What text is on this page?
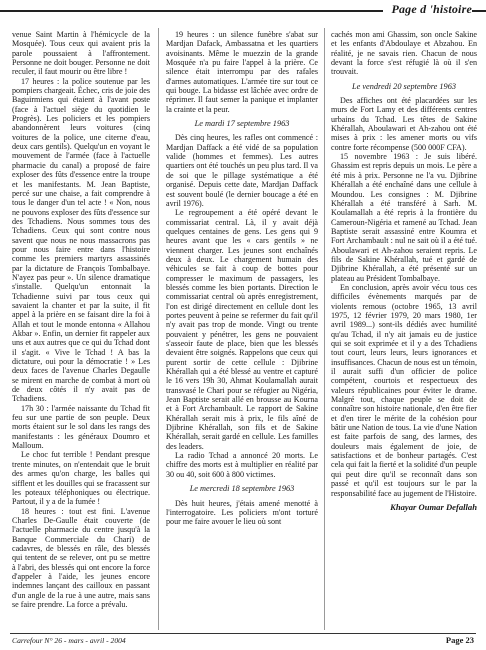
Page d 'histoire

venue Saint Martin à l'hémicycle de la Mosquée). Tous ceux qui avaient pris la parole poussaient à l'affrontement. Personne ne doit bouger. Personne ne doit reculer, il faut mourir ou être libre !

17 heures : la police soutenue par les pompiers chargeait. Échec, cris de joie des Baguirmiens qui étaient à l'avant poste (face à l'actuel siège du quotidien le Progrès). Les policiers et les pompiers abandonnèrent leurs voitures (cinq voitures de la police, une citerne d'eau, deux cars gentils). Quelqu'un en voyant le mouvement de l'armée (face à l'actuelle pharmacie du canal) a proposé de faire exploser des fûts d'essence entre la troupe et les manifestants. M. Jean Baptiste, percé sur une chaise, a fait comprendre à tous le danger d'un tel acte ! « Non, nous ne pouvons exploser des fûts d'essence sur des Tchadiens. Nous sommes tous des Tchadiens. Ceux qui sont contre nous savent que nous ne nous massacrons pas pour nous faire entre dans l'histoire comme les premiers martyrs assassinés par la dictature de François Tombalbaye. N'ayez pas peur ». Un silence dramatique s'installe. Quelqu'un entonnait la Tchadienne suivi par tous ceux qui savaient la chanter et par la suite, il fit appel à la prière en se faisant dire la foi à Allah et tout le monde entonna « Allahou Akbar ». Enfin, un dernier fit rappeler aux uns et aux autres que ce qui du Tchad dont il s'agit. « Vive le Tchad ! A bas la dictature, oui pour la démocratie ! » Les deux faces de l'avenue Charles Degaulle se mirent en marche de combat à mort où de deux côtés il n'y avait pas de Tchadiens.

17h 30 : l'armée naissante du Tchad fit feu sur une partie de son peuple. Deux morts étaient sur le sol dans les rangs des manifestants : les généraux Doumro et Malloum.

Le choc fut terrible ! Pendant presque trente minutes, on n'entendait que le bruit des armes qu'on charge, les balles qui sifflent et les douilles qui se fracassent sur les poteaux téléphoniques ou électrique. Partout, il y a de la fumée !

18 heures : tout est fini. L'avenue Charles De-Gaulle était couverte (de l'actuelle pharmacie du centre jusqu'à la Banque Commerciale du Chari) de cadavres, de blessés en râle, des blessés qui tentent de se relever, ont pu se mettre à l'abri, des blessés qui ont encore la force d'appeler à l'aide, les jeunes encore indemnes lançant des cailloux en passant d'un angle de la rue à une autre, mais sans se faire prendre. La force a prévalu.

19 heures : un silence funèbre s'abat sur Mardjan Dafack, Ambassatna et les quartiers avoisinants. Même le muezzin de la grande Mosquée n'a pu faire l'appel à la prière. Ce silence était interrompu par des rafales d'armes automatiques. L'armée tire sur tout ce qui bouge. La bidasse est lâchée avec ordre de réprimer. Il faut semer la panique et implanter la crainte et la peur.

Le mardi 17 septembre 1963

Dès cinq heures, les rafles ont commencé : Mardjan Daffack a été vidé de sa population valide (hommes et femmes). Les autres quartiers ont été touchés un peu plus tard. Il va de soi que le pillage systématique a été organisé. Depuis cette date, Mardjan Daffack est souvent boulé (le dernier boucage a été en avril 1976).

Le regroupement a été opéré devant le commissariat central. Là, il y avait déjà quelques centaines de gens. Les gens qui 9 heures avant que les « cars gentils » ne viennent charger. Les jeunes sont enchaînés deux à deux. Le chargement humain des véhicules se fait à coup de bottes pour compresser le maximum de passagers, les blessés comme les bien portants. Direction le commissariat central où après enregistrement, l'on est dirigé directement en cellule dont les portes peuvent à peine se refermer du fait qu'il n'y avait pas trop de monde. Vingt ou trente pouvaient y pénétrer, les gens ne pouvaient s'asseoir faute de place, bien que les blessés devaient être soignés. Rappelons que ceux qui purent sortir de cette cellule : Djibrine Khérallah qui a été blessé au ventre et capturé le 16 vers 19h 30, Ahmat Koulamallah aurait transvasé le Chari pour se réfugier au Nigéria, Jean Baptiste serait allé en brousse au Kourna et à Fort Archambault. Le rapport de Sakine Khérallah serait mis à prix, le fils aîné de Djibrine Khérallah, son fils et de Sakine Khérallah, serait gardé en cellule. Les familles des leaders.

La radio Tchad a annoncé 20 morts. Le chiffre des morts est à multiplier en réalité par 30 ou 40, soit 600 à 800 victimes.

Le mercredi 18 septembre 1963

Dès huit heures, j'étais amené menotté à l'interrogatoire. Les policiers m'ont torturé pour me faire avouer le lieu où sont

cachés mon ami Ghassim, son oncle Sakine et les enfants d'Abdoulaye et Abzahou. En réalité, je ne savais rien. Chacun de nous devant la force s'est réfugié là où il s'en trouvait.

Le vendredi 20 septembre 1963

Des affiches ont été placardées sur les murs de Fort Lamy et des différents centres urbains du Tchad. Les têtes de Sakine Khérallah, Aboulawari et Ah-zahou ont été mises à prix : les amener morts ou vifs contre forte récompense (500 000F CFA).

15 novembre 1963 : Je suis libéré. Ghassim est repris depuis un mois. Le père a été mis à prix. Personne ne l'a vu. Djibrine Khérallah a été enchaîné dans une cellule à Moundou. Les consignes : M. Djibrine Khérallah a été transféré à Sarh. M. Koulamallah a été repris à la frontière du Cameroun-Nigéria et ramené au Tchad. Jean Baptiste serait assassiné entre Koumra et Fort Archambault : nul ne sait où il a été tué. Aboulawari et Ah-zahou seraient repris. Le fils de Sakine Khérallah, tué et gardé de Djibrine Khérallah, a été présenté sur un plateau au Président Tombalbaye.

En conclusion, après avoir vécu tous ces difficiles évènements marqués par de violents remous (octobre 1965, 13 avril 1975, 12 février 1979, 20 mars 1980, 1er avril 1989...) sont-ils dédiés avec humilité qu'au Tchad, il n'y ait jamais eu de justice qui se soit exprimée et il y a des Tchadiens tout court, leurs leurs, leurs ignorances et insuffisances. Chacun de nous est un témoin, il aurait suffi d'un officier de police compétent, courtois et respectueux des valeurs républicaines pour éviter le drame. Malgré tout, chaque peuple se doit de connaître son histoire nationale, d'en être fier et d'en tirer le mérite de la cohésion pour bâtir une Nation de tous. La vie d'une Nation est faite parfois de sang, des larmes, des douleurs mais également de joie, de satisfactions et de bonheur partagés. C'est cela qui fait la fierté et la solidité d'un peuple qui peut dire qu'il se reconnaît dans son passé et qu'il est toujours sur le par la responsabilité face au jugement de l'Histoire.

Khayar Oumar Defallah

Carrefour N° 26 - mars - avril - 2004	Page 23
